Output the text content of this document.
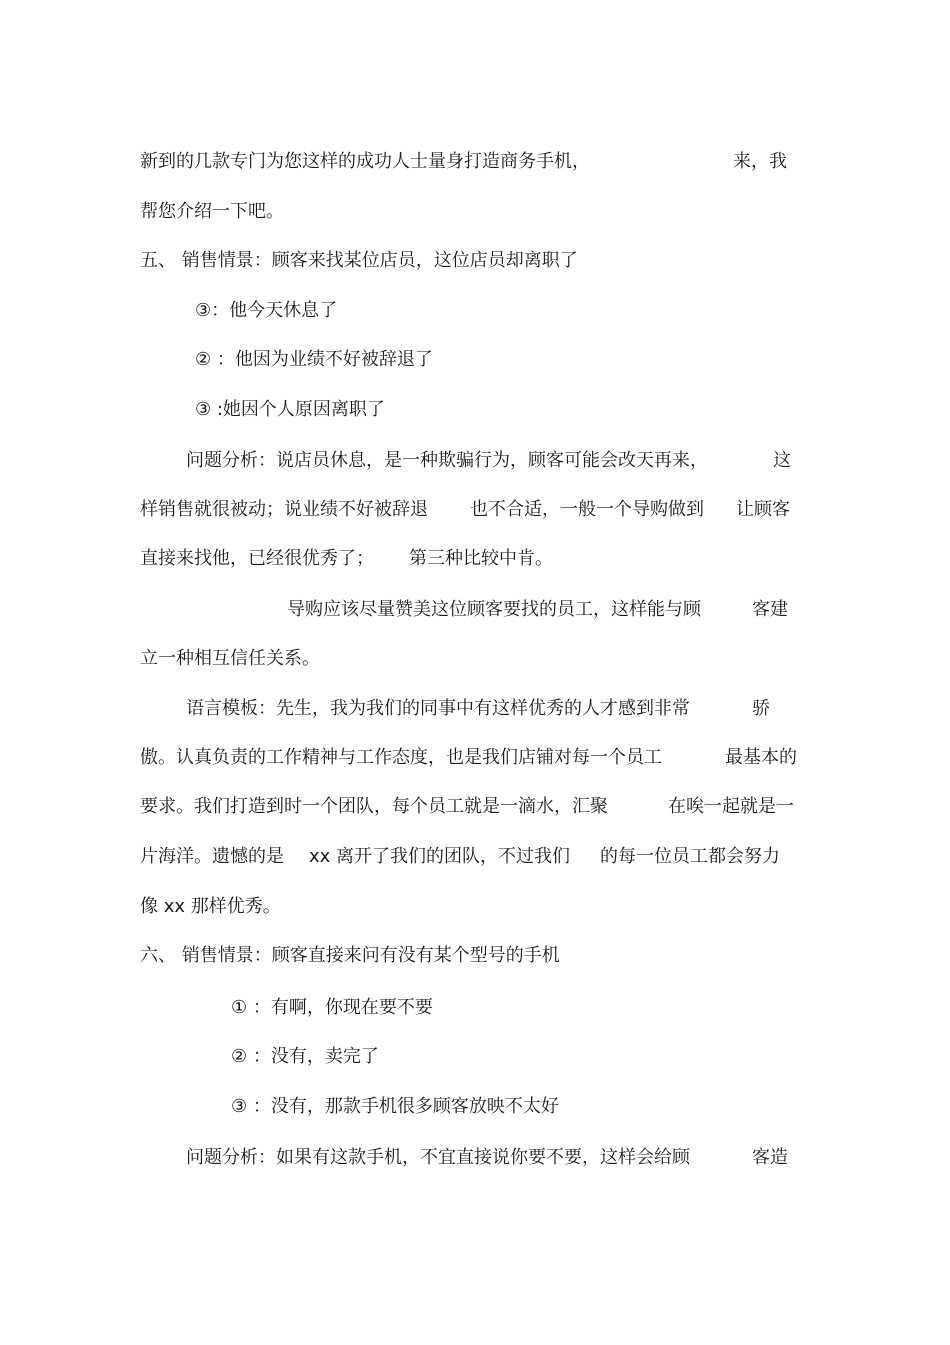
新到的几款专门为您这样的成功人士量身打造商务手机，	来，我
帮您介绍一下吧。
五、 销售情景：顾客来找某位店员，这位店员却离职了
③：他今天休息了
② ：他因为业绩不好被辞退了
③ :她因个人原因离职了
问题分析：说店员休息，是一种欺骗行为，顾客可能会改天再来，	这
样销售就很被动；说业绩不好被辞退 也不合适，一般一个导购做到 让顾客
直接来找他，已经很优秀了； 第三种比较中肯。
导购应该尽量赞美这位顾客要找的员工，这样能与顾	客建
立一种相互信任关系。
语言模板：先生，我为我们的同事中有这样优秀的人才感到非常	骄
傲。认真负责的工作精神与工作态度，也是我们店铺对每一个员工	最基本的
要求。我们打造到时一个团队，每个员工就是一滴水，汇聚	在唉一起就是一
片海洋。遗憾的是 xx 离开了我们的团队，不过我们 的每一位员工都会努力
像 xx 那样优秀。
六、 销售情景：顾客直接来问有没有某个型号的手机
① ：有啊，你现在要不要
② ：没有，卖完了
③ ：没有，那款手机很多顾客放映不太好
问题分析：如果有这款手机，不宜直接说你要不要，这样会给顾	客造
